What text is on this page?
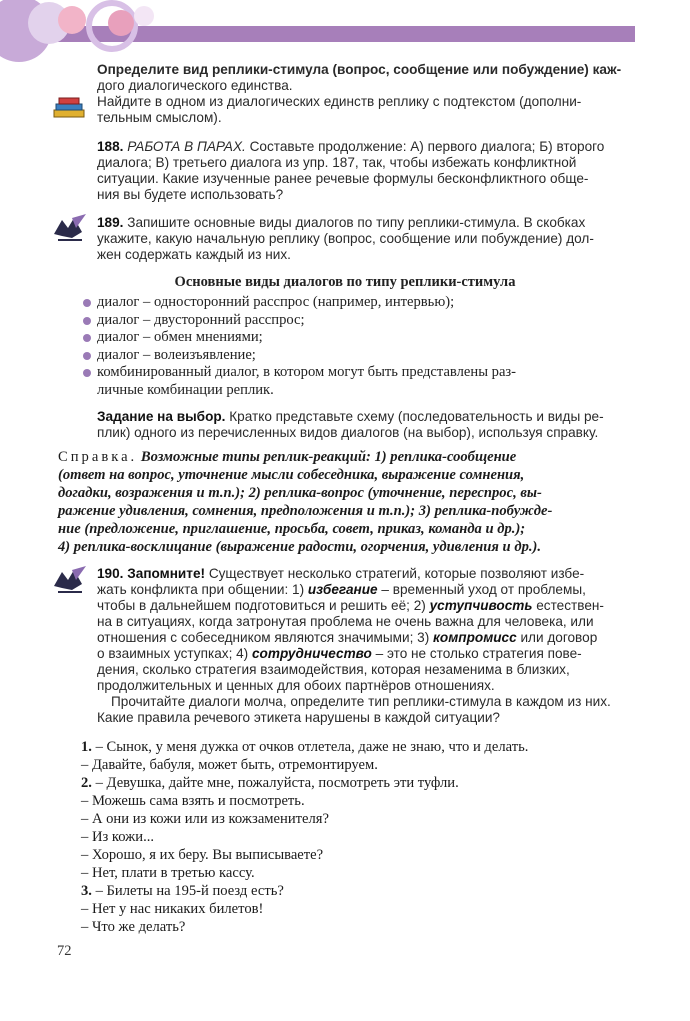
Определите вид реплики-стимула (вопрос, сообщение или побуждение) каж-
дого диалогического единства.
Найдите в одном из диалогических единств реплику с подтекстом (дополни-
тельным смыслом).
188. РАБОТА В ПАРАХ. Составьте продолжение: А) первого диалога; Б) второго
диалога; В) третьего диалога из упр. 187, так, чтобы избежать конфликтной
ситуации. Какие изученные ранее речевые формулы бесконфликтного обще-
ния вы будете использовать?
189. Запишите основные виды диалогов по типу реплики-стимула. В скобках
укажите, какую начальную реплику (вопрос, сообщение или побуждение) дол-
жен содержать каждый из них.
Основные виды диалогов по типу реплики-стимула
диалог – односторонний расспрос (например, интервью);
диалог – двусторонний расспрос;
диалог – обмен мнениями;
диалог – волеизъявление;
комбинированный диалог, в котором могут быть представлены раз-
личные комбинации реплик.
Задание на выбор. Кратко представьте схему (последовательность и виды ре-
плик) одного из перечисленных видов диалогов (на выбор), используя справку.
Справка. Возможные типы реплик-реакций: 1) реплика-сообщение
(ответ на вопрос, уточнение мысли собеседника, выражение сомнения,
догадки, возражения и т.п.); 2) реплика-вопрос (уточнение, переспрос, вы-
ражение удивления, сомнения, предположения и т.п.); 3) реплика-побужде-
ние (предложение, приглашение, просьба, совет, приказ, команда и др.);
4) реплика-восклицание (выражение радости, огорчения, удивления и др.).
190. Запомните! Существует несколько стратегий, которые позволяют избе-
жать конфликта при общении: 1) избегание – временный уход от проблемы,
чтобы в дальнейшем подготовиться и решить её; 2) уступчивость естествен-
на в ситуациях, когда затронутая проблема не очень важна для человека, или
отношения с собеседником являются значимыми; 3) компромисс или договор
о взаимных уступках; 4) сотрудничество – это не столько стратегия пове-
дения, сколько стратегия взаимодействия, которая незаменима в близких,
продолжительных и ценных для обоих партнёров отношениях.
Прочитайте диалоги молча, определите тип реплики-стимула в каждом из них.
Какие правила речевого этикета нарушены в каждой ситуации?
1. – Сынок, у меня дужка от очков отлетела, даже не знаю, что и делать.
– Давайте, бабуля, может быть, отремонтируем.
2. – Девушка, дайте мне, пожалуйста, посмотреть эти туфли.
– Можешь сама взять и посмотреть.
– А они из кожи или из кожзаменителя?
– Из кожи...
– Хорошо, я их беру. Вы выписываете?
– Нет, плати в третью кассу.
3. – Билеты на 195-й поезд есть?
– Нет у нас никаких билетов!
– Что же делать?
72
